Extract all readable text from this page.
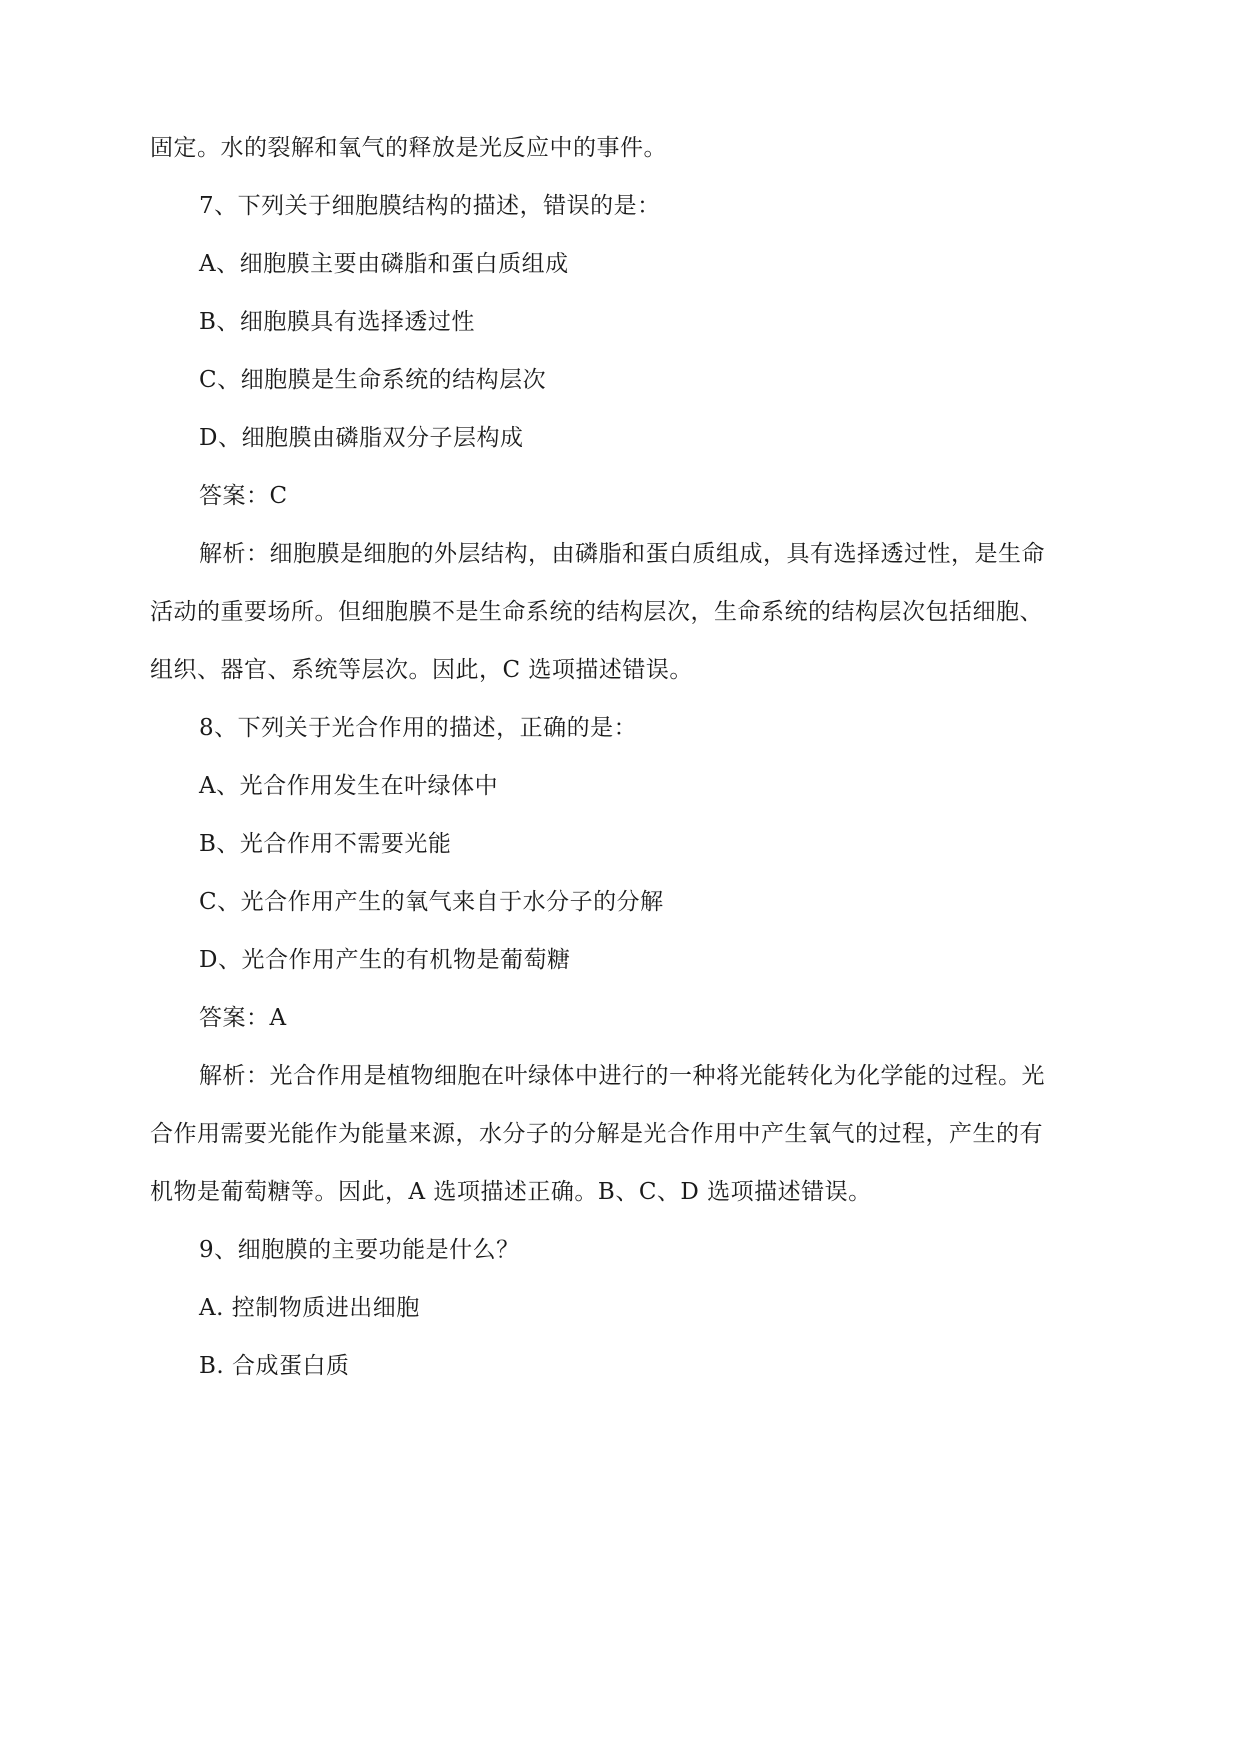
固定。水的裂解和氧气的释放是光反应中的事件。
7、下列关于细胞膜结构的描述，错误的是：
A、细胞膜主要由磷脂和蛋白质组成
B、细胞膜具有选择透过性
C、细胞膜是生命系统的结构层次
D、细胞膜由磷脂双分子层构成
答案：C
解析：细胞膜是细胞的外层结构，由磷脂和蛋白质组成，具有选择透过性，是生命
活动的重要场所。但细胞膜不是生命系统的结构层次，生命系统的结构层次包括细胞、
组织、器官、系统等层次。因此，C 选项描述错误。
8、下列关于光合作用的描述，正确的是：
A、光合作用发生在叶绿体中
B、光合作用不需要光能
C、光合作用产生的氧气来自于水分子的分解
D、光合作用产生的有机物是葡萄糖
答案：A
解析：光合作用是植物细胞在叶绿体中进行的一种将光能转化为化学能的过程。光
合作用需要光能作为能量来源，水分子的分解是光合作用中产生氧气的过程，产生的有
机物是葡萄糖等。因此，A 选项描述正确。B、C、D 选项描述错误。
9、细胞膜的主要功能是什么？
A. 控制物质进出细胞
B. 合成蛋白质
